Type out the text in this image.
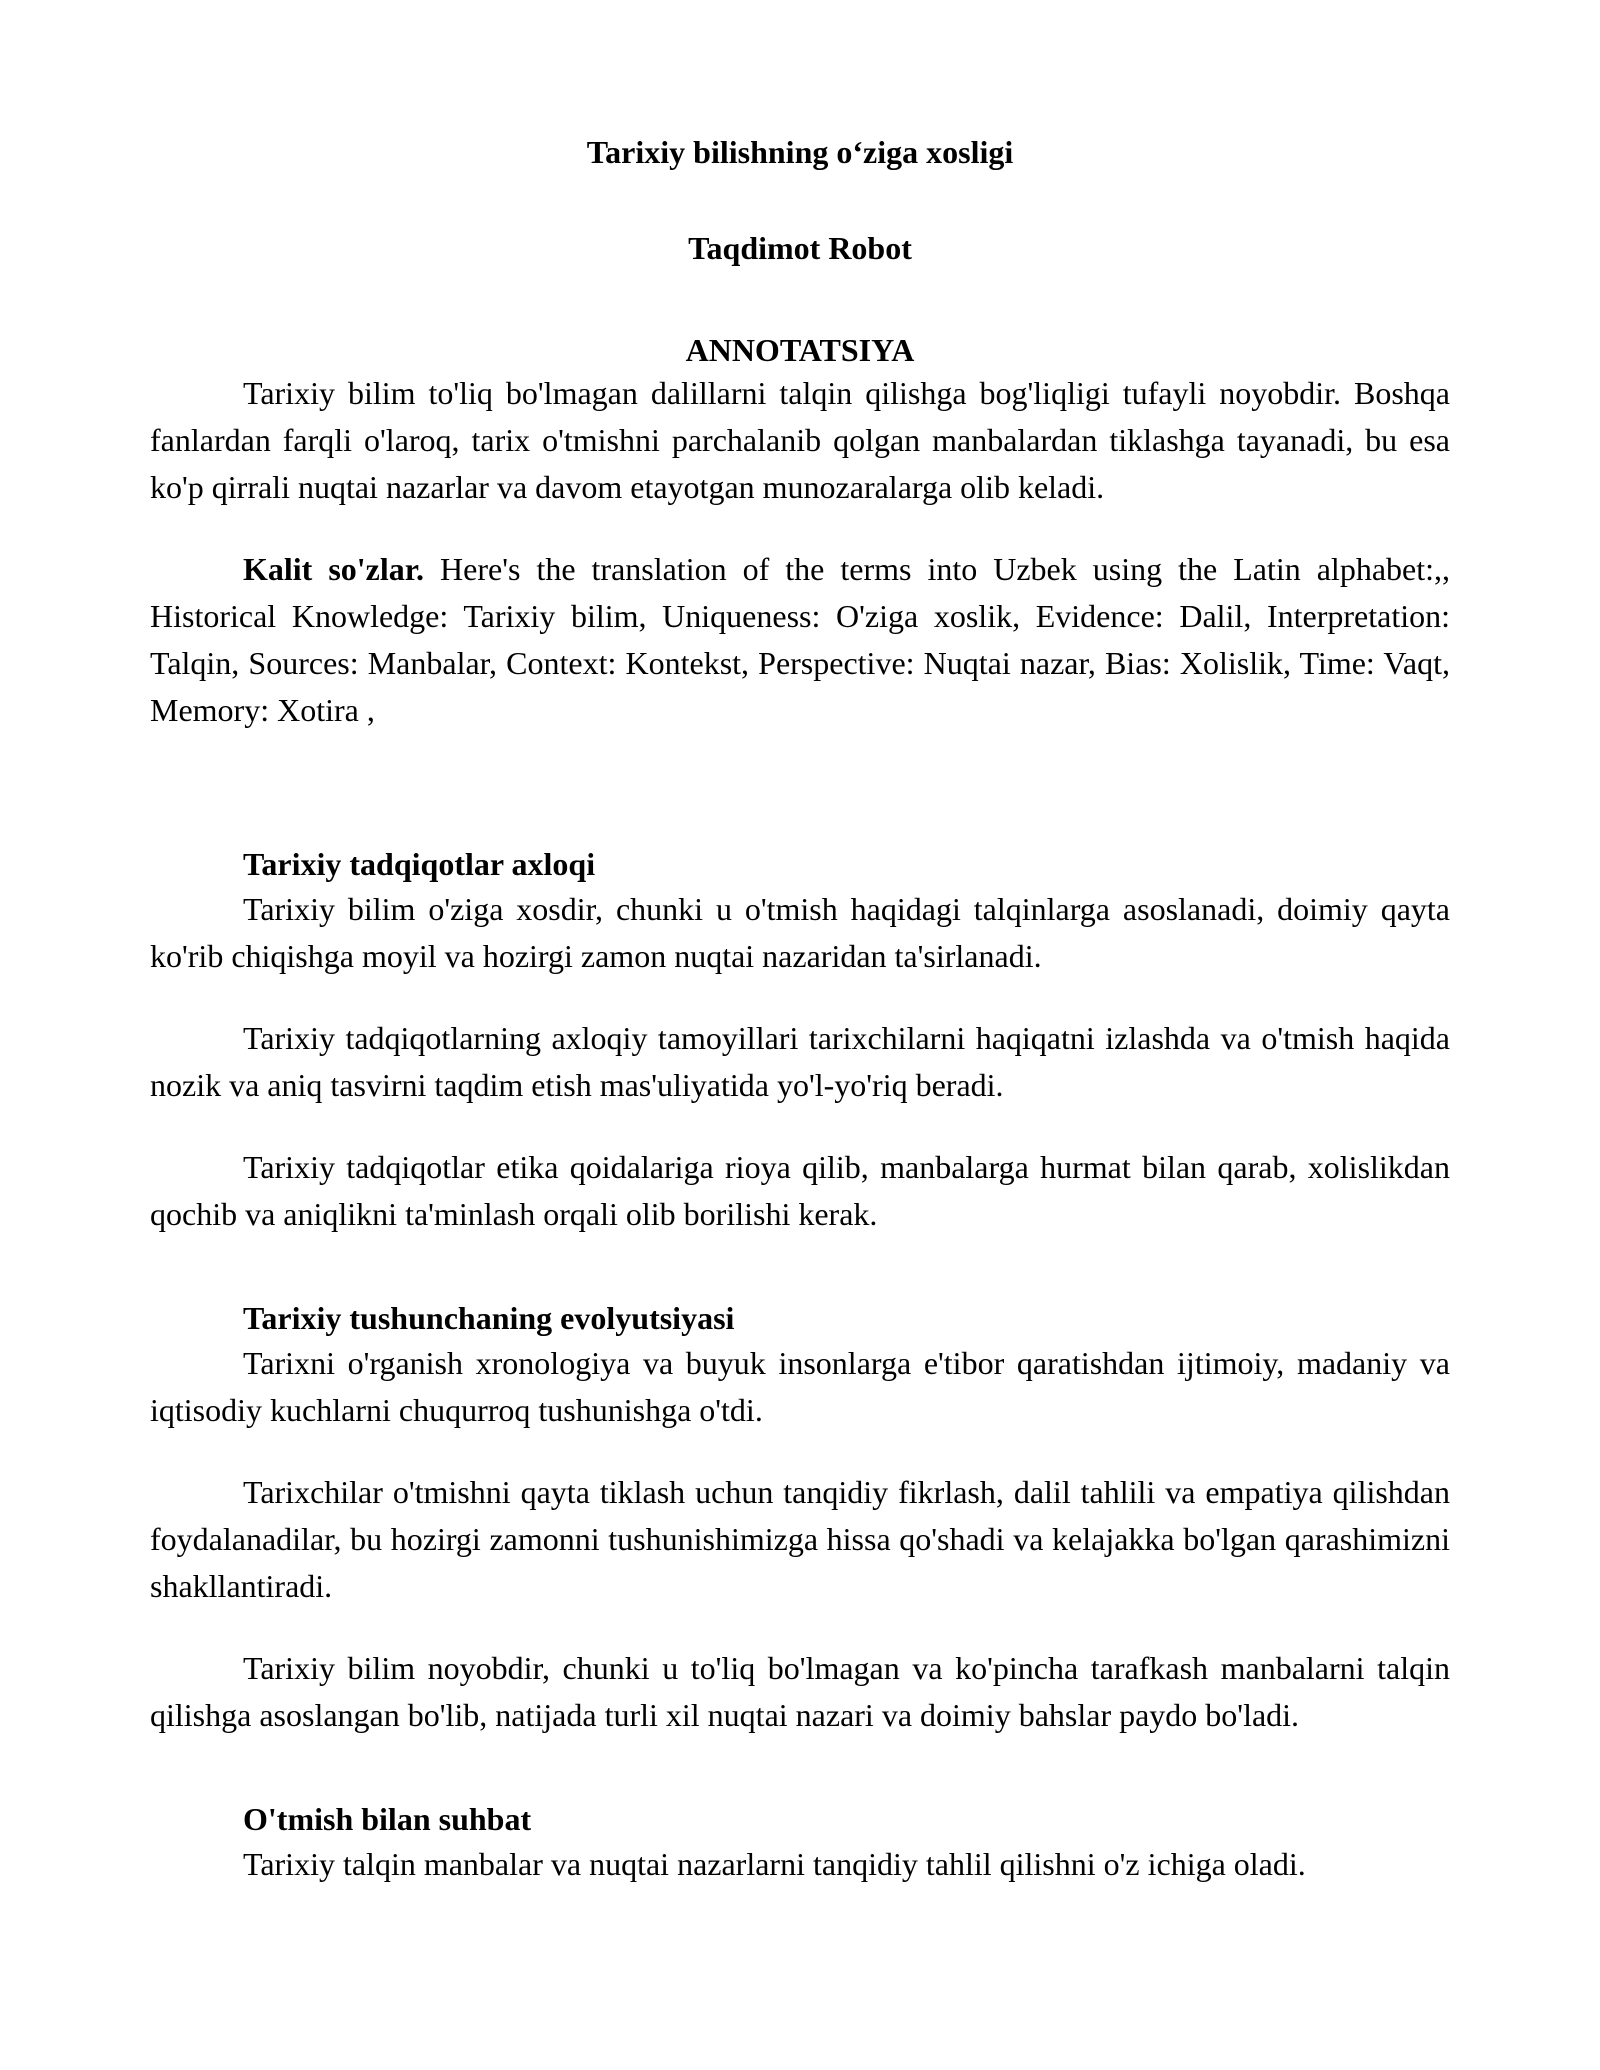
Tarixiy bilishning o‘ziga xosligi
Taqdimot Robot
ANNOTATSIYA

Tarixiy bilim to'liq bo'lmagan dalillarni talqin qilishga bog'liqligi tufayli noyobdir. Boshqa fanlardan farqli o'laroq, tarix o'tmishni parchalanib qolgan manbalardan tiklashga tayanadi, bu esa ko'p qirrali nuqtai nazarlar va davom etayotgan munozaralarga olib keladi.

Kalit so'zlar. Here's the translation of the terms into Uzbek using the Latin alphabet:,, Historical Knowledge: Tarixiy bilim, Uniqueness: O'ziga xoslik, Evidence: Dalil, Interpretation: Talqin, Sources: Manbalar, Context: Kontekst, Perspective: Nuqtai nazar, Bias: Xolislik, Time: Vaqt, Memory: Xotira ,

Tarixiy tadqiqotlar axloqi

Tarixiy bilim o'ziga xosdir, chunki u o'tmish haqidagi talqinlarga asoslanadi, doimiy qayta ko'rib chiqishga moyil va hozirgi zamon nuqtai nazaridan ta'sirlanadi.

Tarixiy tadqiqotlarning axloqiy tamoyillari tarixchilarni haqiqatni izlashda va o'tmish haqida nozik va aniq tasvirni taqdim etish mas'uliyatida yo'l-yo'riq beradi.

Tarixiy tadqiqotlar etika qoidalariga rioya qilib, manbalarga hurmat bilan qarab, xolislikdan qochib va aniqlikni ta'minlash orqali olib borilishi kerak.

Tarixiy tushunchaning evolyutsiyasi

Tarixni o'rganish xronologiya va buyuk insonlarga e'tibor qaratishdan ijtimoiy, madaniy va iqtisodiy kuchlarni chuqurroq tushunishga o'tdi.

Tarixchilar o'tmishni qayta tiklash uchun tanqidiy fikrlash, dalil tahlili va empatiya qilishdan foydalanadilar, bu hozirgi zamonni tushunishimizga hissa qo'shadi va kelajakka bo'lgan qarashimizni shakllantiradi.

Tarixiy bilim noyobdir, chunki u to'liq bo'lmagan va ko'pincha tarafkash manbalarni talqin qilishga asoslangan bo'lib, natijada turli xil nuqtai nazari va doimiy bahslar paydo bo'ladi.

O'tmish bilan suhbat

Tarixiy talqin manbalar va nuqtai nazarlarni tanqidiy tahlil qilishni o'z ichiga oladi.
